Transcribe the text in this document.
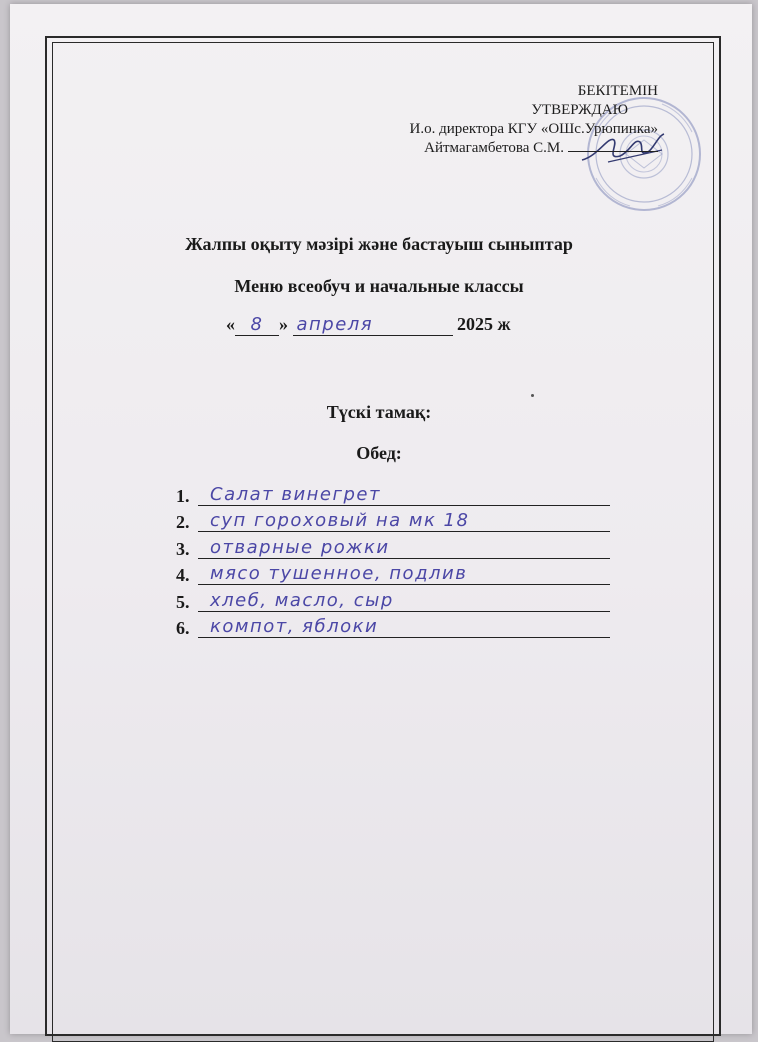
БЕКІТЕМІН
УТВЕРЖДАЮ
И.о. директора КГУ «ОШс.Урюпинка»
Айтмагамбетова С.М.
Жалпы оқыту мәзірі және бастауыш сыныптар
Меню всеобуч и начальные классы
« 8 » апреля	2025 ж
Түскі тамақ:
Обед:
1. Салат винегрет
2. суп гороховый на мк 18
3. отварные рожки
4. мясо тушенное, подлив
5. хлеб, масло, сыр
6. компот, яблоки
